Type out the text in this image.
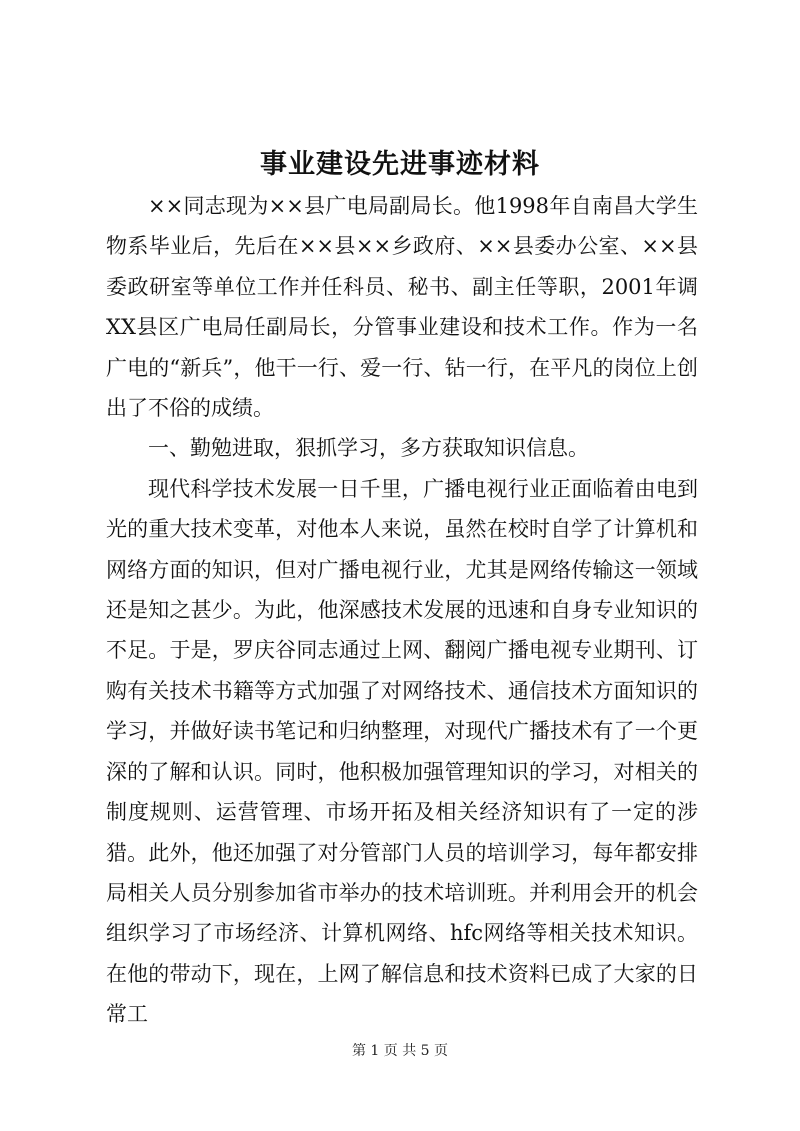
事业建设先进事迹材料

××同志现为××县广电局副局长。他1998年自南昌大学生物系毕业后，先后在××县××乡政府、××县委办公室、××县委政研室等单位工作并任科员、秘书、副主任等职，2001年调XX县区广电局任副局长，分管事业建设和技术工作。作为一名广电的“新兵”，他干一行、爱一行、钻一行，在平凡的岗位上创出了不俗的成绩。

一、勤勉进取，狠抓学习，多方获取知识信息。

现代科学技术发展一日千里，广播电视行业正面临着由电到光的重大技术变革，对他本人来说，虽然在校时自学了计算机和网络方面的知识，但对广播电视行业，尤其是网络传输这一领域还是知之甚少。为此，他深感技术发展的迅速和自身专业知识的不足。于是，罗庆谷同志通过上网、翻阅广播电视专业期刊、订购有关技术书籍等方式加强了对网络技术、通信技术方面知识的学习，并做好读书笔记和归纳整理，对现代广播技术有了一个更深的了解和认识。同时，他积极加强管理知识的学习，对相关的制度规则、运营管理、市场开拓及相关经济知识有了一定的涉猎。此外，他还加强了对分管部门人员的培训学习，每年都安排局相关人员分别参加省市举办的技术培训班。并利用会开的机会组织学习了市场经济、计算机网络、hfc网络等相关技术知识。在他的带动下，现在，上网了解信息和技术资料已成了大家的日常工

第 1 页 共 5 页
